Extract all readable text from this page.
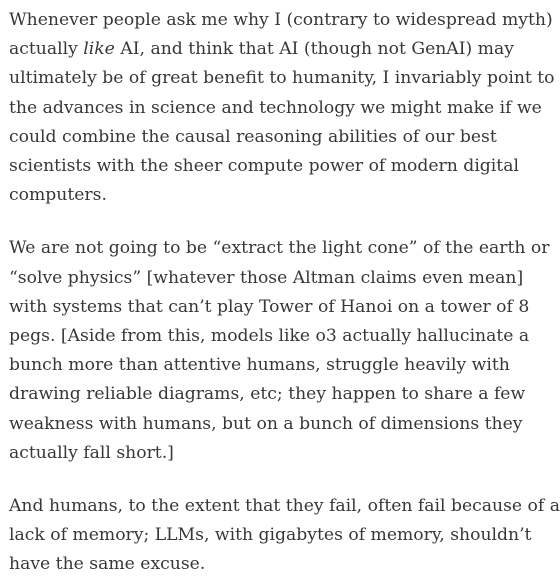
Whenever people ask me why I (contrary to widespread myth)
actually like AI, and think that AI (though not GenAI) may
ultimately be of great benefit to humanity, I invariably point to
the advances in science and technology we might make if we
could combine the causal reasoning abilities of our best
scientists with the sheer compute power of modern digital
computers.

We are not going to be “extract the light cone” of the earth or
“solve physics” [whatever those Altman claims even mean]
with systems that can’t play Tower of Hanoi on a tower of 8
pegs. [Aside from this, models like o3 actually hallucinate a
bunch more than attentive humans, struggle heavily with
drawing reliable diagrams, etc; they happen to share a few
weakness with humans, but on a bunch of dimensions they
actually fall short.]

And humans, to the extent that they fail, often fail because of a
lack of memory; LLMs, with gigabytes of memory, shouldn’t
have the same excuse.
